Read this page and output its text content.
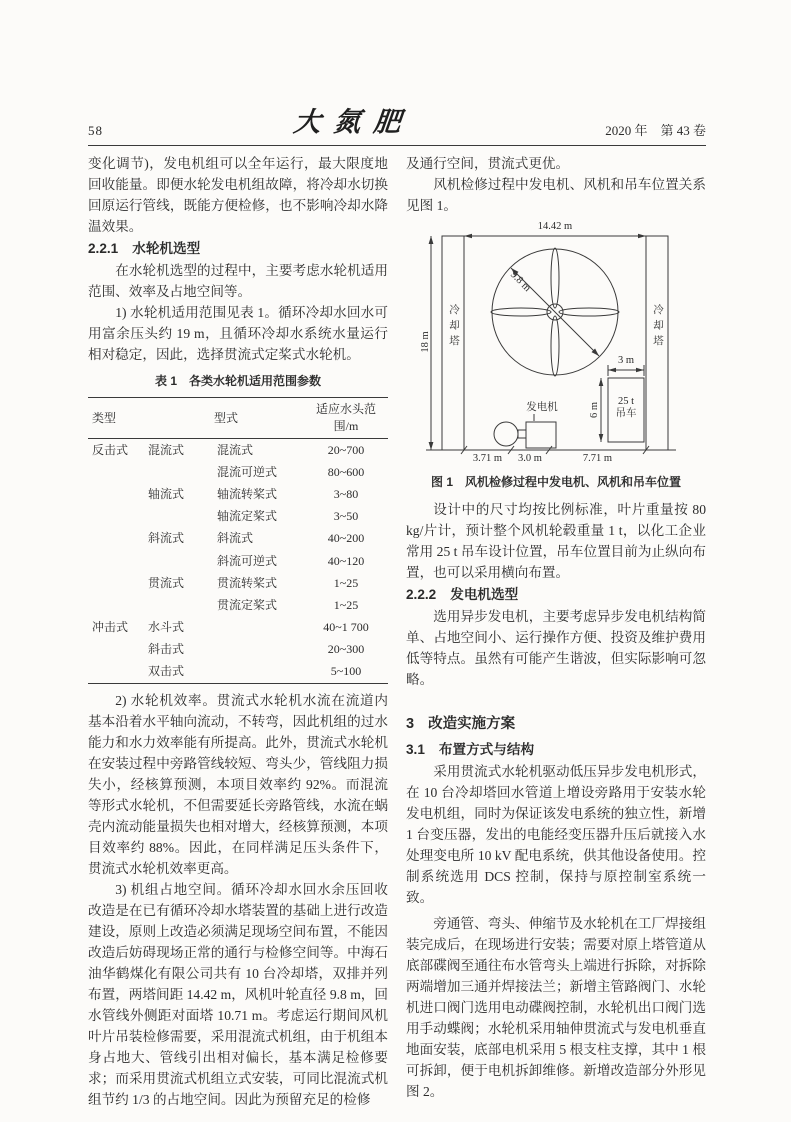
58	大氮肥	2020 年　第 43 卷

变化调节)，发电机组可以全年运行，最大限度地回收能量。即便水轮发电机组故障，将冷却水切换回原运行管线，既能方便检修，也不影响冷却水降温效果。

2.2.1 水轮机选型

在水轮机选型的过程中，主要考虑水轮机适用范围、效率及占地空间等。

1) 水轮机适用范围见表 1。循环冷却水回水可用富余压头约 19 m，且循环冷却水系统水量运行相对稳定，因此，选择贯流式定桨式水轮机。

表 1　各类水轮机适用范围参数
类型	型式		适应水头范围/m
反击式	混流式	混流式	20~700
		混流可逆式	80~600
	轴流式	轴流转桨式	3~80
		轴流定桨式	3~50
	斜流式	斜流式	40~200
		斜流可逆式	40~120
	贯流式	贯流转桨式	1~25
		贯流定桨式	1~25
冲击式	水斗式		40~1 700
	斜击式		20~300
	双击式		5~100

2) 水轮机效率。贯流式水轮机水流在流道内基本沿着水平轴向流动，不转弯，因此机组的过水能力和水力效率能有所提高。此外，贯流式水轮机在安装过程中旁路管线较短、弯头少，管线阻力损失小，经核算预测，本项目效率约 92%。而混流等形式水轮机，不但需要延长旁路管线，水流在蜗壳内流动能量损失也相对增大，经核算预测，本项目效率约 88%。因此，在同样满足压头条件下，贯流式水轮机效率更高。

3) 机组占地空间。循环冷却水回水余压回收改造是在已有循环冷却水塔装置的基础上进行改造建设，原则上改造必须满足现场空间布置，不能因改造后妨碍现场正常的通行与检修空间等。中海石油华鹤煤化有限公司共有 10 台冷却塔，双排并列布置，两塔间距 14.42 m，风机叶轮直径 9.8 m，回水管线外侧距对面塔 10.71 m。考虑运行期间风机叶片吊装检修需要，采用混流式机组，由于机组本身占地大、管线引出相对偏长，基本满足检修要求；而采用贯流式机组立式安装，可同比混流式机组节约 1/3 的占地空间。因此为预留充足的检修

及通行空间，贯流式更优。

风机检修过程中发电机、风机和吊车位置关系见图 1。

14.42 m
18 m 冷却塔	冷却塔
9.8 m
25 t
吊车
3 m
6 m
发电机
3.71 m	3.0 m	7.71 m
图 1　风机检修过程中发电机、风机和吊车位置

设计中的尺寸均按比例标准，叶片重量按 80 kg/片计，预计整个风机轮毂重量 1 t，以化工企业常用 25 t 吊车设计位置，吊车位置目前为止纵向布置，也可以采用横向布置。

2.2.2 发电机选型

选用异步发电机，主要考虑异步发电机结构简单、占地空间小、运行操作方便、投资及维护费用低等特点。虽然有可能产生谐波，但实际影响可忽略。

3 改造实施方案
3.1 布置方式与结构

采用贯流式水轮机驱动低压异步发电机形式，在 10 台冷却塔回水管道上增设旁路用于安装水轮发电机组，同时为保证该发电系统的独立性，新增 1 台变压器，发出的电能经变压器升压后就接入水处理变电所 10 kV 配电系统，供其他设备使用。控制系统选用 DCS 控制，保持与原控制室系统一致。

旁通管、弯头、伸缩节及水轮机在工厂焊接组装完成后，在现场进行安装；需要对原上塔管道从底部碟阀至通往布水管弯头上端进行拆除，对拆除两端增加三通并焊接法兰；新增主管路阀门、水轮机进口阀门选用电动碟阀控制，水轮机出口阀门选用手动蝶阀；水轮机采用轴伸贯流式与发电机垂直地面安装，底部电机采用 5 根支柱支撑，其中 1 根可拆卸，便于电机拆卸维修。新增改造部分外形见图 2。
